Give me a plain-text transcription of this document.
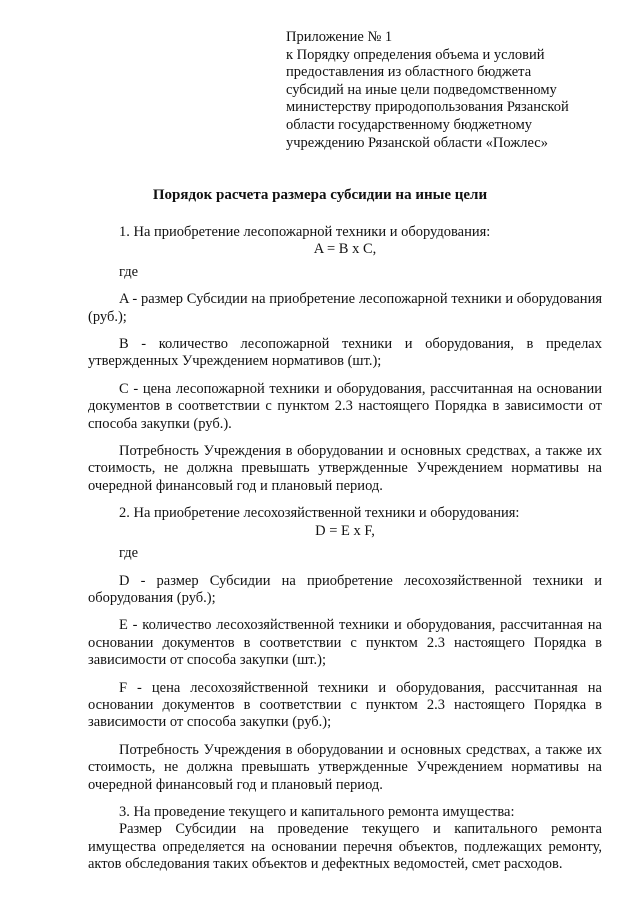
Приложение № 1
к Порядку определения объема и условий
предоставления из областного бюджета
субсидий на иные цели подведомственному
министерству природопользования Рязанской
области государственному бюджетному
учреждению Рязанской области «Пожлес»
Порядок расчета размера субсидии на иные цели
1. На приобретение лесопожарной техники и оборудования:
A = B x C,
где
A - размер Субсидии на приобретение лесопожарной техники и оборудования (руб.);
B - количество лесопожарной техники и оборудования, в пределах утвержденных Учреждением нормативов (шт.);
C - цена лесопожарной техники и оборудования, рассчитанная на основании документов в соответствии с пунктом 2.3 настоящего Порядка в зависимости от способа закупки (руб.).
Потребность Учреждения в оборудовании и основных средствах, а также их стоимость, не должна превышать утвержденные Учреждением нормативы на очередной финансовый год и плановый период.
2. На приобретение лесохозяйственной техники и оборудования:
D = E x F,
где
D - размер Субсидии на приобретение лесохозяйственной техники и оборудования (руб.);
E - количество лесохозяйственной техники и оборудования, рассчитанная на основании документов в соответствии с пунктом 2.3 настоящего Порядка в зависимости от способа закупки (шт.);
F - цена лесохозяйственной техники и оборудования, рассчитанная на основании документов в соответствии с пунктом 2.3 настоящего Порядка в зависимости от способа закупки (руб.);
Потребность Учреждения в оборудовании и основных средствах, а также их стоимость, не должна превышать утвержденные Учреждением нормативы на очередной финансовый год и плановый период.
3. На проведение текущего и капитального ремонта имущества:
Размер Субсидии на проведение текущего и капитального ремонта имущества определяется на основании перечня объектов, подлежащих ремонту, актов обследования таких объектов и дефектных ведомостей, смет расходов.
